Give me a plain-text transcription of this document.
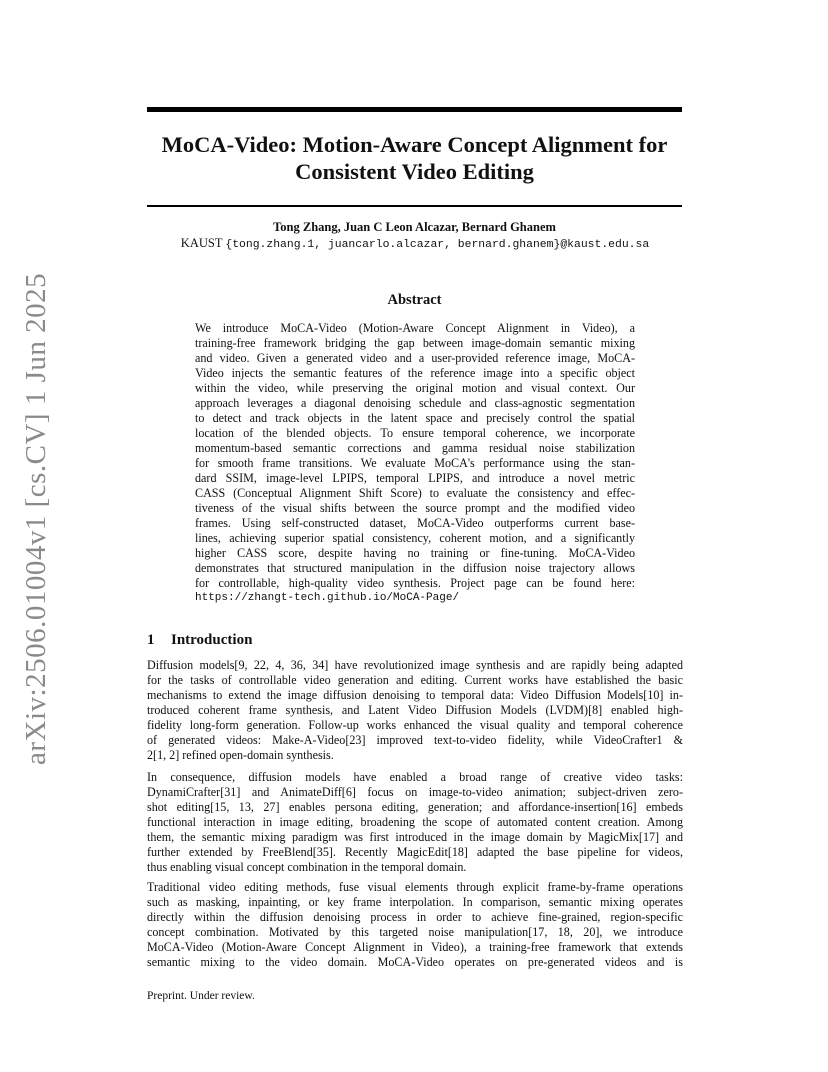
arXiv:2506.01004v1 [cs.CV] 1 Jun 2025
MoCA-Video: Motion-Aware Concept Alignment for
Consistent Video Editing
Tong Zhang, Juan C Leon Alcazar, Bernard Ghanem
KAUST {tong.zhang.1, juancarlo.alcazar, bernard.ghanem}@kaust.edu.sa
Abstract
We introduce MoCA-Video (Motion-Aware Concept Alignment in Video), a
training-free framework bridging the gap between image-domain semantic mixing
and video. Given a generated video and a user-provided reference image, MoCA-
Video injects the semantic features of the reference image into a specific object
within the video, while preserving the original motion and visual context. Our
approach leverages a diagonal denoising schedule and class-agnostic segmentation
to detect and track objects in the latent space and precisely control the spatial
location of the blended objects. To ensure temporal coherence, we incorporate
momentum-based semantic corrections and gamma residual noise stabilization
for smooth frame transitions. We evaluate MoCA's performance using the stan-
dard SSIM, image-level LPIPS, temporal LPIPS, and introduce a novel metric
CASS (Conceptual Alignment Shift Score) to evaluate the consistency and effec-
tiveness of the visual shifts between the source prompt and the modified video
frames. Using self-constructed dataset, MoCA-Video outperforms current base-
lines, achieving superior spatial consistency, coherent motion, and a significantly
higher CASS score, despite having no training or fine-tuning. MoCA-Video
demonstrates that structured manipulation in the diffusion noise trajectory allows
for controllable, high-quality video synthesis. Project page can be found here:
https://zhangt-tech.github.io/MoCA-Page/
1 Introduction
Diffusion models[9, 22, 4, 36, 34] have revolutionized image synthesis and are rapidly being adapted
for the tasks of controllable video generation and editing. Current works have established the basic
mechanisms to extend the image diffusion denoising to temporal data: Video Diffusion Models[10] in-
troduced coherent frame synthesis, and Latent Video Diffusion Models (LVDM)[8] enabled high-
fidelity long-form generation. Follow-up works enhanced the visual quality and temporal coherence
of generated videos: Make-A-Video[23] improved text-to-video fidelity, while VideoCrafter1 &
2[1, 2] refined open-domain synthesis.
In consequence, diffusion models have enabled a broad range of creative video tasks:
DynamiCrafter[31] and AnimateDiff[6] focus on image-to-video animation; subject-driven zero-
shot editing[15, 13, 27] enables persona editing, generation; and affordance-insertion[16] embeds
functional interaction in image editing, broadening the scope of automated content creation. Among
them, the semantic mixing paradigm was first introduced in the image domain by MagicMix[17] and
further extended by FreeBlend[35]. Recently MagicEdit[18] adapted the base pipeline for videos,
thus enabling visual concept combination in the temporal domain.
Traditional video editing methods, fuse visual elements through explicit frame-by-frame operations
such as masking, inpainting, or key frame interpolation. In comparison, semantic mixing operates
directly within the diffusion denoising process in order to achieve fine-grained, region-specific
concept combination. Motivated by this targeted noise manipulation[17, 18, 20], we introduce
MoCA-Video (Motion-Aware Concept Alignment in Video), a training-free framework that extends
semantic mixing to the video domain. MoCA-Video operates on pre-generated videos and is
Preprint. Under review.
